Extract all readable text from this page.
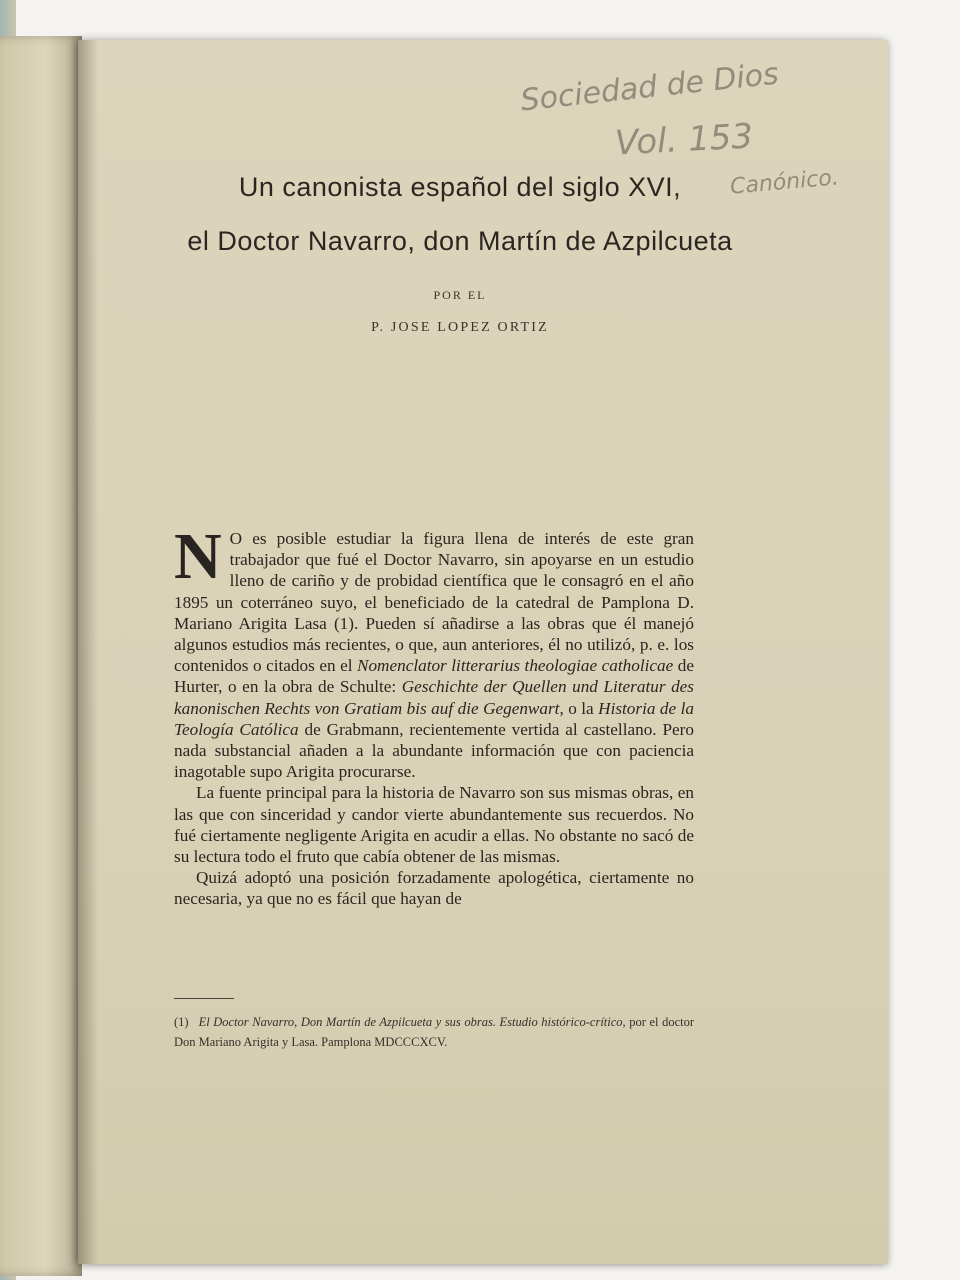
Sociedad de Dios
Vol. 153
Canónico.
Un canonista español del siglo XVI,
el Doctor Navarro, don Martín de Azpilcueta
POR EL
P. JOSE LOPEZ ORTIZ

N O es posible estudiar la figura llena de interés de este gran trabajador que fué el Doctor Navarro, sin apoyarse en un estudio lleno de cariño y de probidad científica que le consagró en el año 1895 un coterráneo suyo, el beneficiado de la catedral de Pamplona D. Mariano Arigita Lasa (1). Pueden sí añadirse a las obras que él manejó algunos estudios más recientes, o que, aun anteriores, él no utilizó, p. e. los contenidos o citados en el Nomenclator litterarius theologiae catholicae de Hurter, o en la obra de Schulte: Geschichte der Quellen und Literatur des kanonischen Rechts von Gratiam bis auf die Gegenwart, o la Historia de la Teología Católica de Grabmann, recientemente vertida al castellano. Pero nada substancial añaden a la abundante información que con paciencia inagotable supo Arigita procurarse.

La fuente principal para la historia de Navarro son sus mismas obras, en las que con sinceridad y candor vierte abundantemente sus recuerdos. No fué ciertamente negligente Arigita en acudir a ellas. No obstante no sacó de su lectura todo el fruto que cabía obtener de las mismas.

Quizá adoptó una posición forzadamente apologética, ciertamente no necesaria, ya que no es fácil que hayan de

(1) El Doctor Navarro, Don Martín de Azpilcueta y sus obras. Estudio histórico-crítico, por el doctor Don Mariano Arigita y Lasa. Pamplona MDCCCXCV.
